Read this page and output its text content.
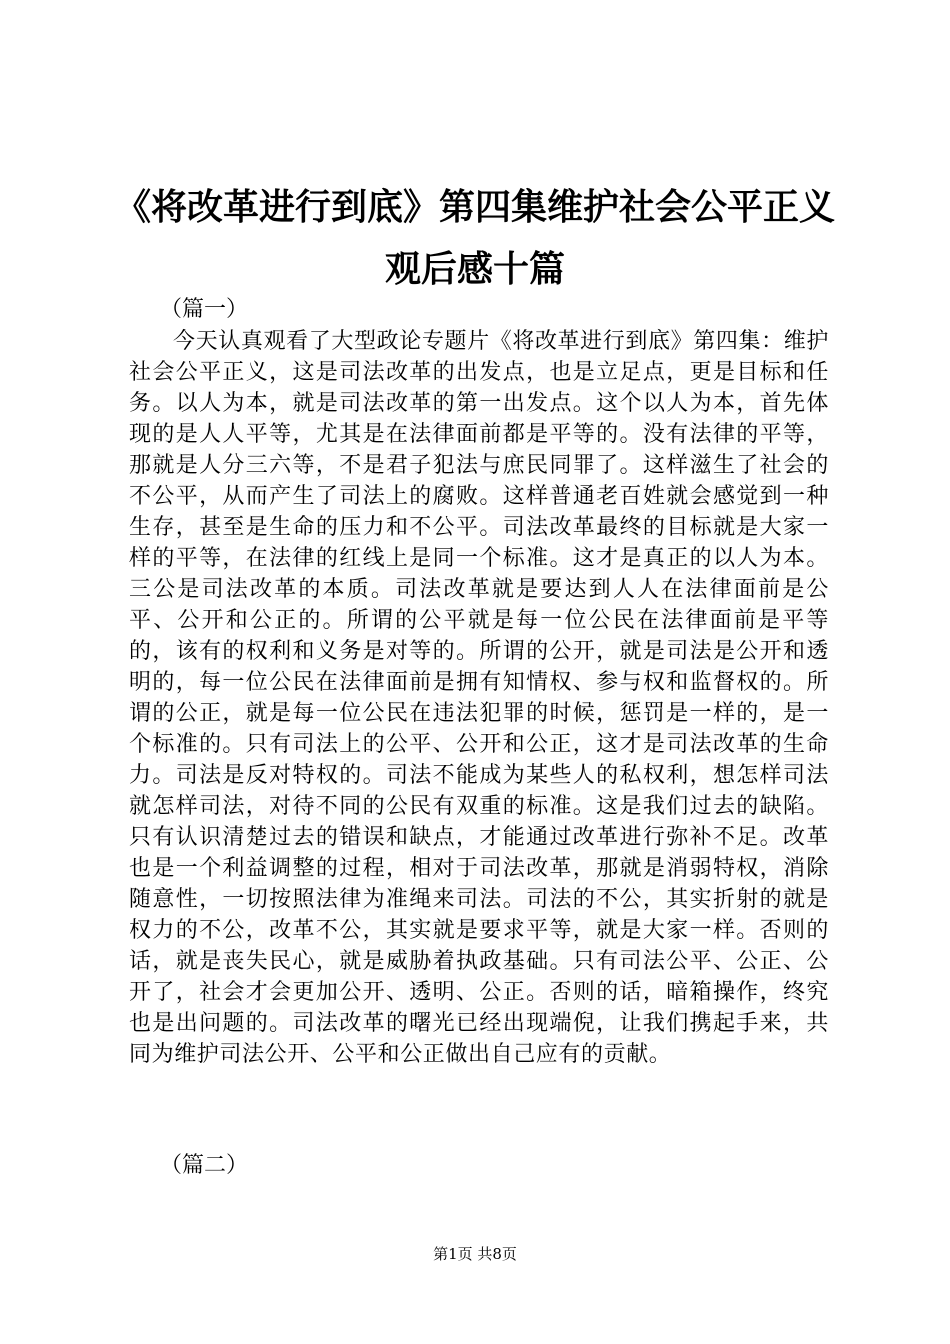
《将改革进行到底》第四集维护社会公平正义
观后感十篇
（篇一）

今天认真观看了大型政论专题片《将改革进行到底》第四集：维护社会公平正义，这是司法改革的出发点，也是立足点，更是目标和任务。以人为本，就是司法改革的第一出发点。这个以人为本，首先体现的是人人平等，尤其是在法律面前都是平等的。没有法律的平等，那就是人分三六等，不是君子犯法与庶民同罪了。这样滋生了社会的不公平，从而产生了司法上的腐败。这样普通老百姓就会感觉到一种生存，甚至是生命的压力和不公平。司法改革最终的目标就是大家一样的平等，在法律的红线上是同一个标准。这才是真正的以人为本。三公是司法改革的本质。司法改革就是要达到人人在法律面前是公平、公开和公正的。所谓的公平就是每一位公民在法律面前是平等的，该有的权利和义务是对等的。所谓的公开，就是司法是公开和透明的，每一位公民在法律面前是拥有知情权、参与权和监督权的。所谓的公正，就是每一位公民在违法犯罪的时候，惩罚是一样的，是一个标准的。只有司法上的公平、公开和公正，这才是司法改革的生命力。司法是反对特权的。司法不能成为某些人的私权利，想怎样司法就怎样司法，对待不同的公民有双重的标准。这是我们过去的缺陷。只有认识清楚过去的错误和缺点，才能通过改革进行弥补不足。改革也是一个利益调整的过程，相对于司法改革，那就是消弱特权，消除随意性，一切按照法律为准绳来司法。司法的不公，其实折射的就是权力的不公，改革不公，其实就是要求平等，就是大家一样。否则的话，就是丧失民心，就是威胁着执政基础。只有司法公平、公正、公开了，社会才会更加公开、透明、公正。否则的话，暗箱操作，终究也是出问题的。司法改革的曙光已经出现端倪，让我们携起手来，共同为维护司法公开、公平和公正做出自己应有的贡献。

（篇二）
第1页 共8页
